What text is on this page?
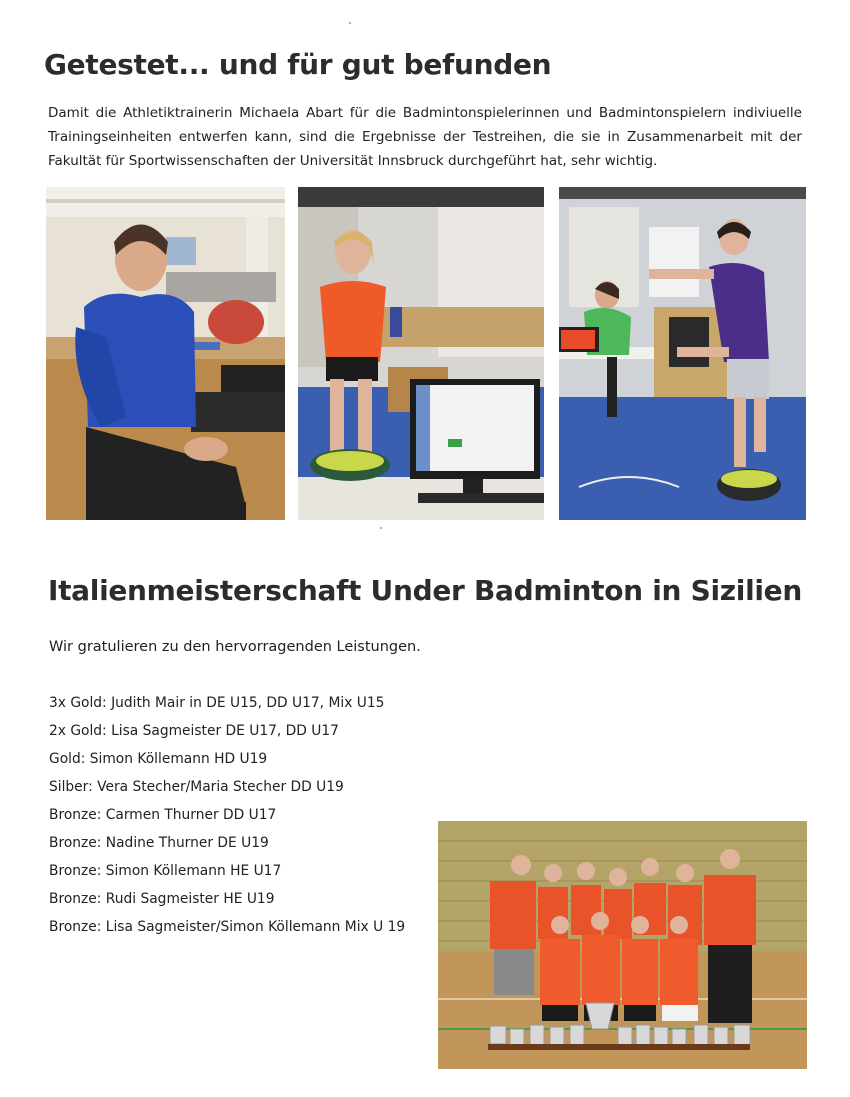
Getestet... und für gut befunden

Damit die Athletiktrainerin Michaela Abart für die Badmintonspielerinnen und Badmintonspielern indiviuelle Trainingseinheiten entwerfen kann, sind die Ergebnisse der Testreihen, die sie in Zusammenarbeit mit der Fakultät für Sportwissenschaften der Universität Innsbruck durchgeführt hat, sehr wichtig.

Italienmeisterschaft Under Badminton in Sizilien

Wir gratulieren zu den hervorragenden Leistungen.

3x Gold: Judith Mair in DE U15, DD U17, Mix U15
2x Gold: Lisa Sagmeister DE U17, DD U17
Gold: Simon Köllemann HD U19
Silber: Vera Stecher/Maria Stecher DD U19
Bronze: Carmen Thurner DD U17
Bronze: Nadine Thurner DE U19
Bronze: Simon Köllemann HE U17
Bronze: Rudi Sagmeister HE U19
Bronze: Lisa Sagmeister/Simon Köllemann Mix U 19
